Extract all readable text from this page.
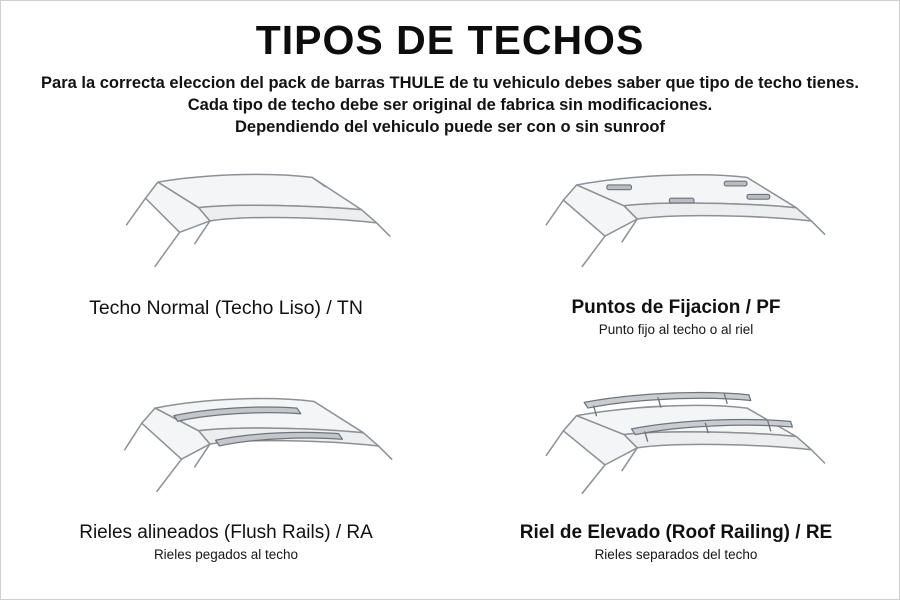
TIPOS DE TECHOS
Para la correcta eleccion del pack de barras THULE de tu vehiculo debes saber que tipo de techo tienes.
Cada tipo de techo debe ser original de fabrica sin modificaciones.
Dependiendo del vehiculo puede ser con o sin sunroof
Techo Normal (Techo Liso) / TN	Puntos de Fijacion / PF
Punto fijo al techo o al riel
Rieles alineados (Flush Rails) / RA
Rieles pegados al techo
Riel de Elevado (Roof Railing) / RE
Rieles separados del techo
